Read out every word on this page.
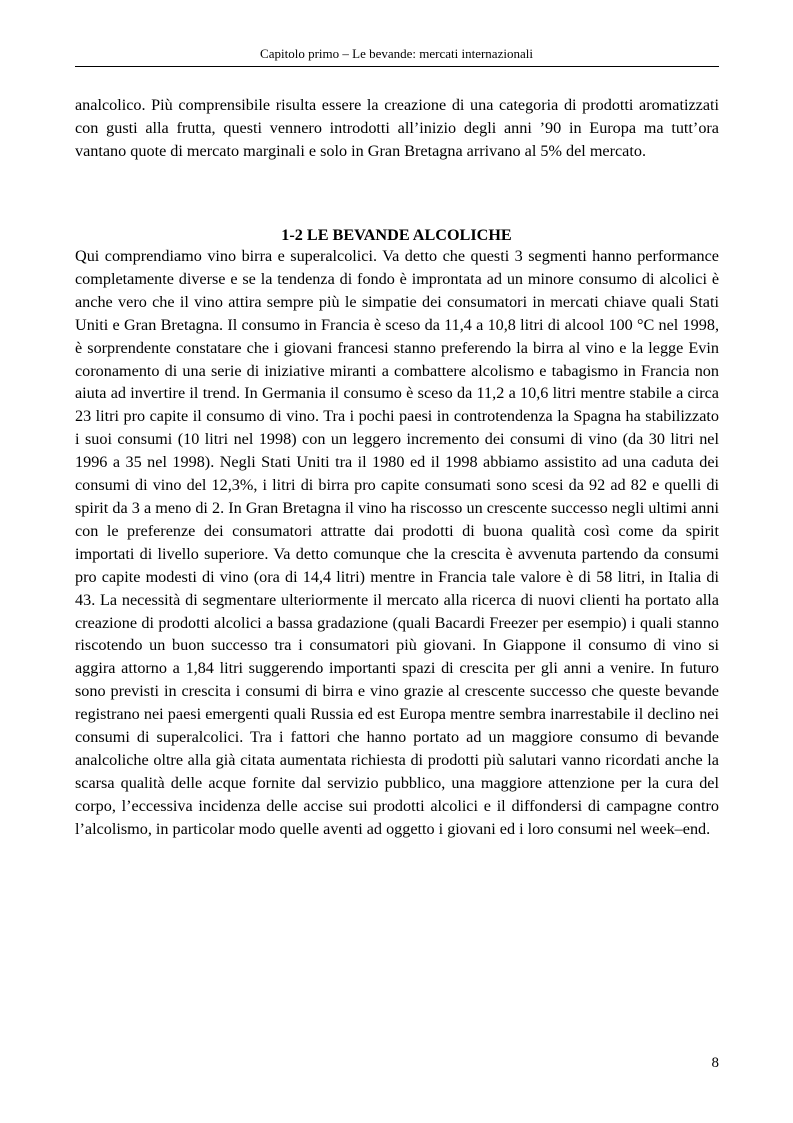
Capitolo primo – Le bevande: mercati internazionali

analcolico. Più comprensibile risulta essere la creazione di una categoria di prodotti aromatizzati con gusti alla frutta, questi vennero introdotti all’inizio degli anni ’90 in Europa ma tutt’ora vantano quote di mercato marginali e solo in Gran Bretagna arrivano al 5% del mercato.

1-2 LE BEVANDE ALCOLICHE

Qui comprendiamo vino birra e superalcolici. Va detto che questi 3 segmenti hanno performance completamente diverse e se la tendenza di fondo è improntata ad un minore consumo di alcolici è anche vero che il vino attira sempre più le simpatie dei consumatori in mercati chiave quali Stati Uniti e Gran Bretagna. Il consumo in Francia è sceso da 11,4 a 10,8 litri di alcool 100 °C nel 1998, è sorprendente constatare che i giovani francesi stanno preferendo la birra al vino e la legge Evin coronamento di una serie di iniziative miranti a combattere alcolismo e tabagismo in Francia non aiuta ad invertire il trend. In Germania il consumo è sceso da 11,2 a 10,6 litri mentre stabile a circa 23 litri pro capite il consumo di vino. Tra i pochi paesi in controtendenza la Spagna ha stabilizzato i suoi consumi (10 litri nel 1998) con un leggero incremento dei consumi di vino (da 30 litri nel 1996 a 35 nel 1998). Negli Stati Uniti tra il 1980 ed il 1998 abbiamo assistito ad una caduta dei consumi di vino del 12,3%, i litri di birra pro capite consumati sono scesi da 92 ad 82 e quelli di spirit da 3 a meno di 2. In Gran Bretagna il vino ha riscosso un crescente successo negli ultimi anni con le preferenze dei consumatori attratte dai prodotti di buona qualità così come da spirit importati di livello superiore. Va detto comunque che la crescita è avvenuta partendo da consumi pro capite modesti di vino (ora di 14,4 litri) mentre in Francia tale valore è di 58 litri, in Italia di 43. La necessità di segmentare ulteriormente il mercato alla ricerca di nuovi clienti ha portato alla creazione di prodotti alcolici a bassa gradazione (quali Bacardi Freezer per esempio) i quali stanno riscotendo un buon successo tra i consumatori più giovani. In Giappone il consumo di vino si aggira attorno a 1,84 litri suggerendo importanti spazi di crescita per gli anni a venire. In futuro sono previsti in crescita i consumi di birra e vino grazie al crescente successo che queste bevande registrano nei paesi emergenti quali Russia ed est Europa mentre sembra inarrestabile il declino nei consumi di superalcolici. Tra i fattori che hanno portato ad un maggiore consumo di bevande analcoliche oltre alla già citata aumentata richiesta di prodotti più salutari vanno ricordati anche la scarsa qualità delle acque fornite dal servizio pubblico, una maggiore attenzione per la cura del corpo, l’eccessiva incidenza delle accise sui prodotti alcolici e il diffondersi di campagne contro l’alcolismo, in particolar modo quelle aventi ad oggetto i giovani ed i loro consumi nel week–end.

8
